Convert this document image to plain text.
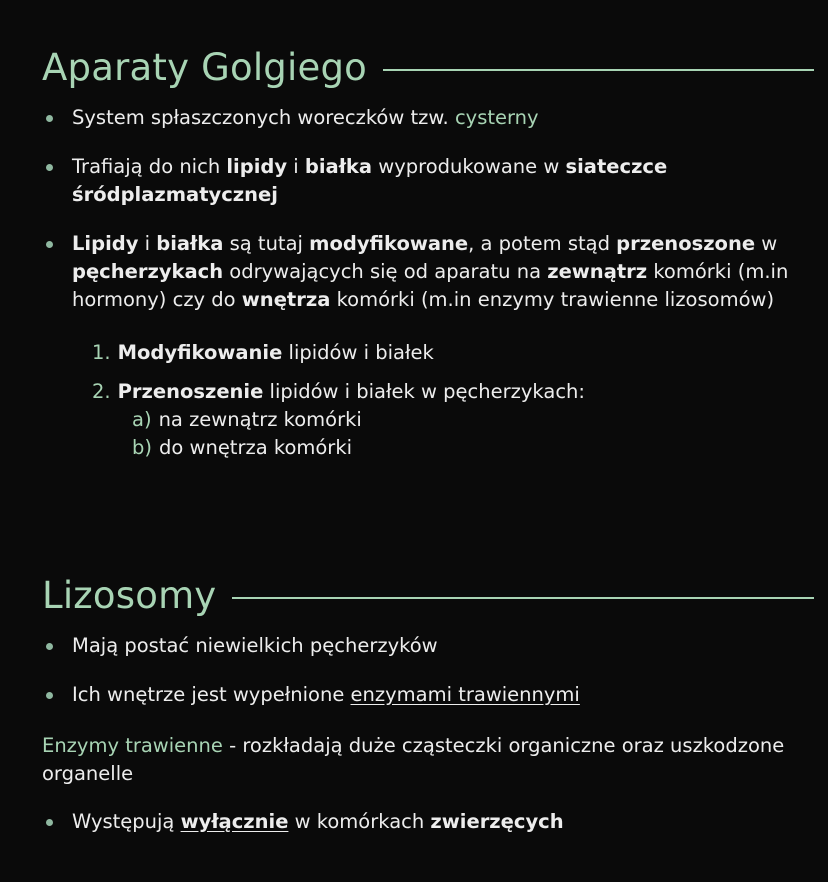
Aparaty Golgiego
System spłaszczonych woreczków tzw. cysterny
Trafiają do nich lipidy i białka wyprodukowane w siateczce śródplazmatycznej
Lipidy i białka są tutaj modyfikowane, a potem stąd przenoszone w pęcherzykach odrywających się od aparatu na zewnątrz komórki (m.in hormony) czy do wnętrza komórki (m.in enzymy trawienne lizosomów)
1. Modyfikowanie lipidów i białek
2. Przenoszenie lipidów i białek w pęcherzykach:
a) na zewnątrz komórki
b) do wnętrza komórki
Lizosomy
Mają postać niewielkich pęcherzyków
Ich wnętrze jest wypełnione enzymami trawiennymi
Enzymy trawienne - rozkładają duże cząsteczki organiczne oraz uszkodzone organelle
Występują wyłącznie w komórkach zwierzęcych
